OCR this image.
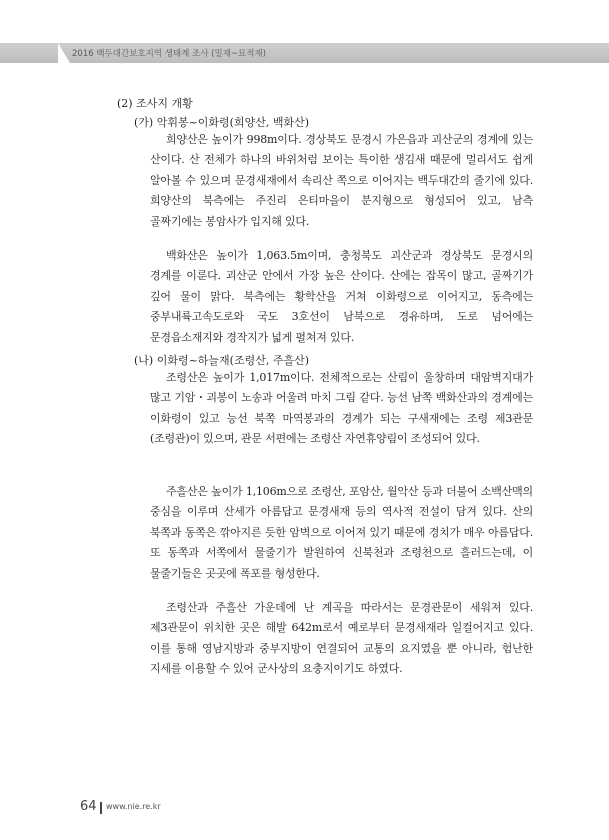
2016 백두대간보호지역 생태계 조사 (밀재~묘적재)
(2) 조사지 개황
(가) 악휘봉~이화령(희양산, 백화산)
희양산은 높이가 998m이다. 경상북도 문경시 가은읍과 괴산군의 경계에 있는 산이다. 산 전체가 하나의 바위처럼 보이는 특이한 생김새 때문에 멀리서도 쉽게 알아볼 수 있으며 문경새재에서 속리산 쪽으로 이어지는 백두대간의 줄기에 있다. 희양산의 북측에는 주진리 은티마을이 분지형으로 형성되어 있고, 남측 골짜기에는 봉암사가 입지해 있다.
백화산은 높이가 1,063.5m이며, 충청북도 괴산군과 경상북도 문경시의 경계를 이룬다. 괴산군 안에서 가장 높은 산이다. 산에는 잡목이 많고, 골짜기가 깊어 물이 맑다. 북측에는 황학산을 거쳐 이화령으로 이어지고, 동측에는 중부내륙고속도로와 국도 3호선이 남북으로 경유하며, 도로 넘어에는 문경읍소재지와 경작지가 넓게 펼쳐져 있다.
(나) 이화령~하늘재(조령산, 주흘산)
조령산은 높이가 1,017m이다. 전체적으로는 산림이 울창하며 대암벽지대가 많고 기암・괴봉이 노송과 어울려 마치 그림 같다. 능선 남쪽 백화산과의 경계에는 이화령이 있고 능선 북쪽 마역봉과의 경계가 되는 구새재에는 조령 제3관문(조령관)이 있으며, 관문 서편에는 조령산 자연휴양림이 조성되어 있다.
주흘산은 높이가 1,106m으로 조령산, 포암산, 월악산 등과 더불어 소백산맥의 중심을 이루며 산세가 아름답고 문경새재 등의 역사적 전설이 담겨 있다. 산의 북쪽과 동쪽은 깎아지른 듯한 암벽으로 이어져 있기 때문에 경치가 매우 아름답다. 또 동쪽과 서쪽에서 물줄기가 발원하여 신북천과 조령천으로 흘러드는데, 이 물줄기들은 곳곳에 폭포를 형성한다.
조령산과 주흘산 가운데에 난 계곡을 따라서는 문경관문이 세워져 있다. 제3관문이 위치한 곳은 해발 642m로서 예로부터 문경새재라 일컬어지고 있다. 이를 통해 영남지방과 중부지방이 연결되어 교통의 요지였을 뿐 아니라, 험난한 지세를 이용할 수 있어 군사상의 요충지이기도 하였다.
64 www.nie.re.kr
